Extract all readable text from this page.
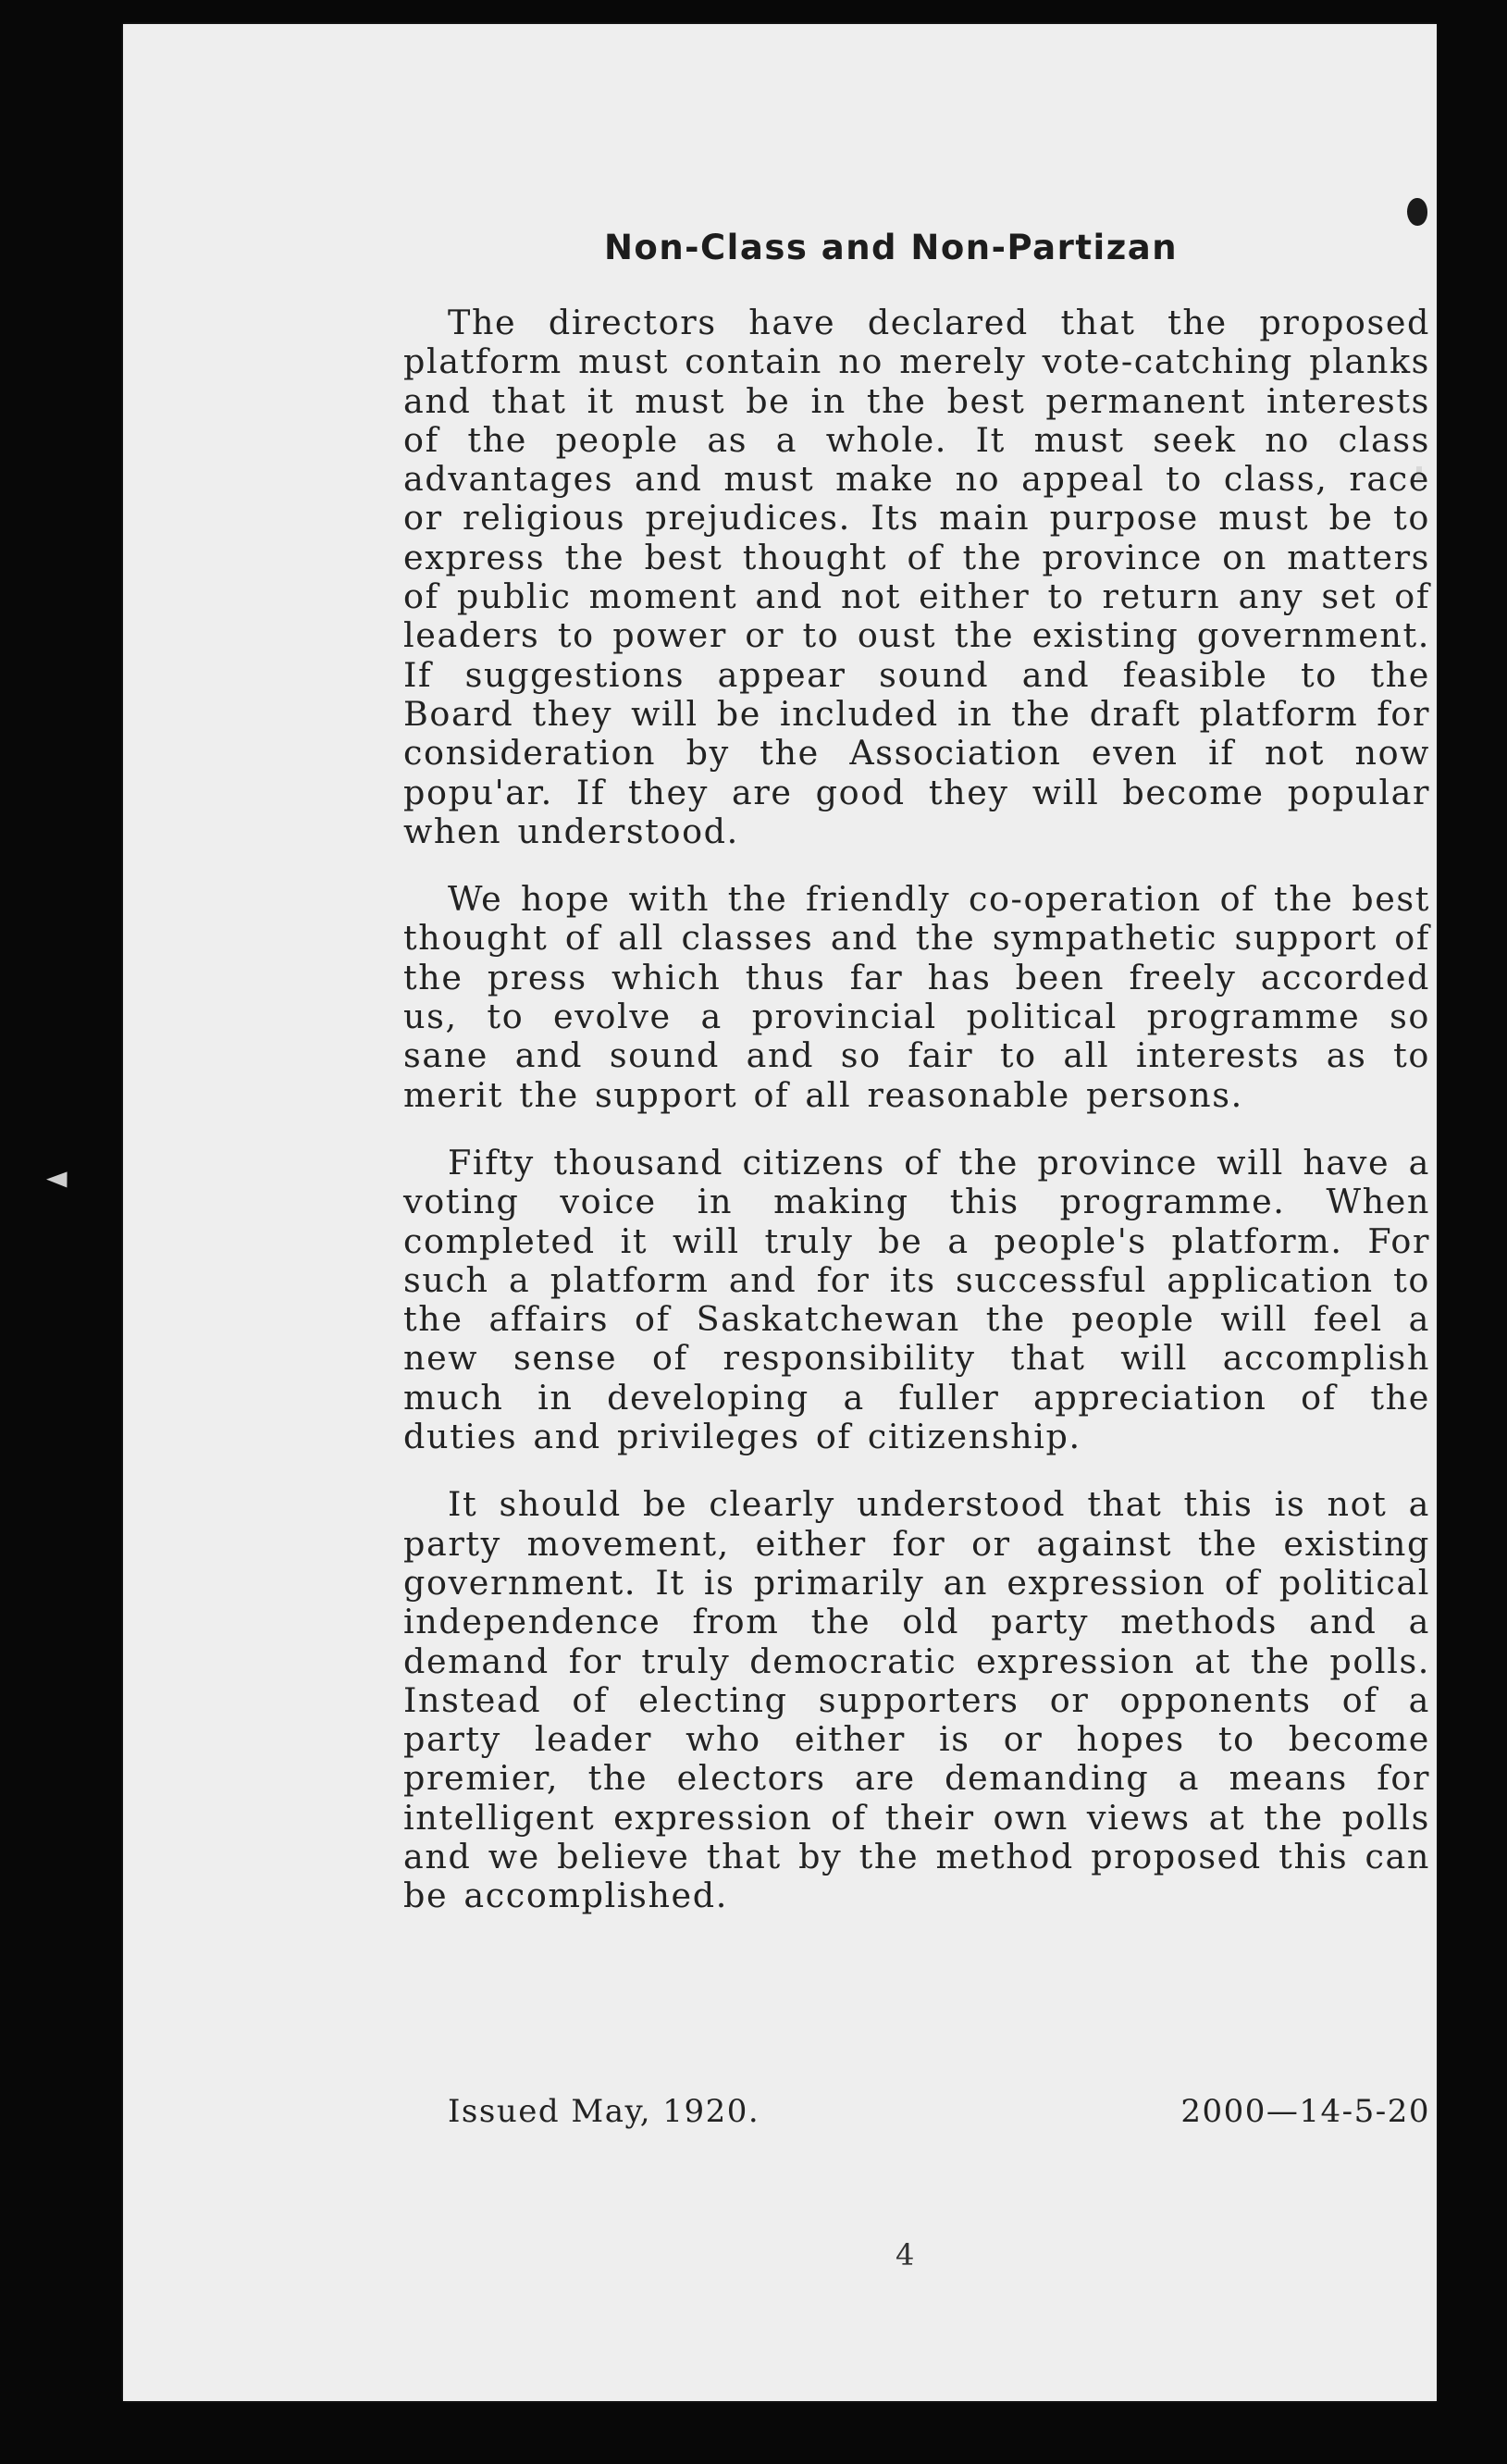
Non-Class and Non-Partizan

The directors have declared that the proposed platform must contain no merely vote-catching planks and that it must be in the best permanent interests of the people as a whole. It must seek no class advantages and must make no appeal to class, race or religious prejudices. Its main purpose must be to express the best thought of the province on matters of public moment and not either to return any set of leaders to power or to oust the existing government. If suggestions appear sound and feasible to the Board they will be included in the draft platform for consideration by the Association even if not now popu'ar. If they are good they will become popular when understood.

We hope with the friendly co-operation of the best thought of all classes and the sympathetic support of the press which thus far has been freely accorded us, to evolve a provincial political programme so sane and sound and so fair to all interests as to merit the support of all reasonable persons.

Fifty thousand citizens of the province will have a voting voice in making this programme. When completed it will truly be a people's platform. For such a platform and for its successful application to the affairs of Saskatchewan the people will feel a new sense of responsibility that will accomplish much in developing a fuller appreciation of the duties and privileges of citizenship.

It should be clearly understood that this is not a party movement, either for or against the existing government. It is primarily an expression of political independence from the old party methods and a demand for truly democratic expression at the polls. Instead of electing supporters or opponents of a party leader who either is or hopes to become premier, the electors are demanding a means for intelligent expression of their own views at the polls and we believe that by the method proposed this can be accomplished.

Issued May, 1920.	2000—14-5-20
4
